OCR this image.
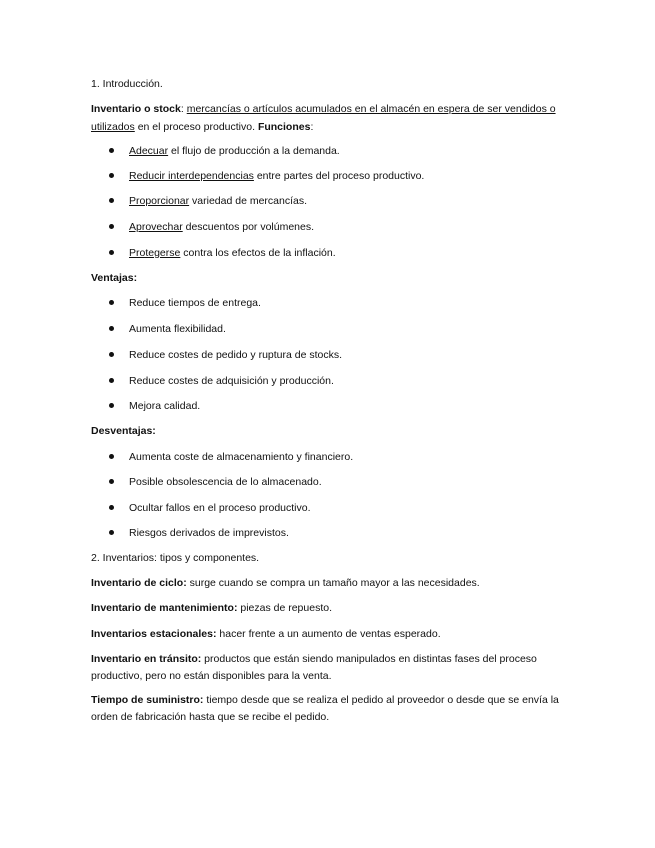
1. Introducción.
Inventario o stock: mercancías o artículos acumulados en el almacén en espera de ser vendidos o
utilizados en el proceso productivo. Funciones:
Adecuar el flujo de producción a la demanda.
Reducir interdependencias entre partes del proceso productivo.
Proporcionar variedad de mercancías.
Aprovechar descuentos por volúmenes.
Protegerse contra los efectos de la inflación.
Ventajas:
Reduce tiempos de entrega.
Aumenta flexibilidad.
Reduce costes de pedido y ruptura de stocks.
Reduce costes de adquisición y producción.
Mejora calidad.
Desventajas:
Aumenta coste de almacenamiento y financiero.
Posible obsolescencia de lo almacenado.
Ocultar fallos en el proceso productivo.
Riesgos derivados de imprevistos.
2. Inventarios: tipos y componentes.
Inventario de ciclo: surge cuando se compra un tamaño mayor a las necesidades.
Inventario de mantenimiento: piezas de repuesto.
Inventarios estacionales: hacer frente a un aumento de ventas esperado.
Inventario en tránsito: productos que están siendo manipulados en distintas fases del proceso
productivo, pero no están disponibles para la venta.
Tiempo de suministro: tiempo desde que se realiza el pedido al proveedor o desde que se envía la
orden de fabricación hasta que se recibe el pedido.
